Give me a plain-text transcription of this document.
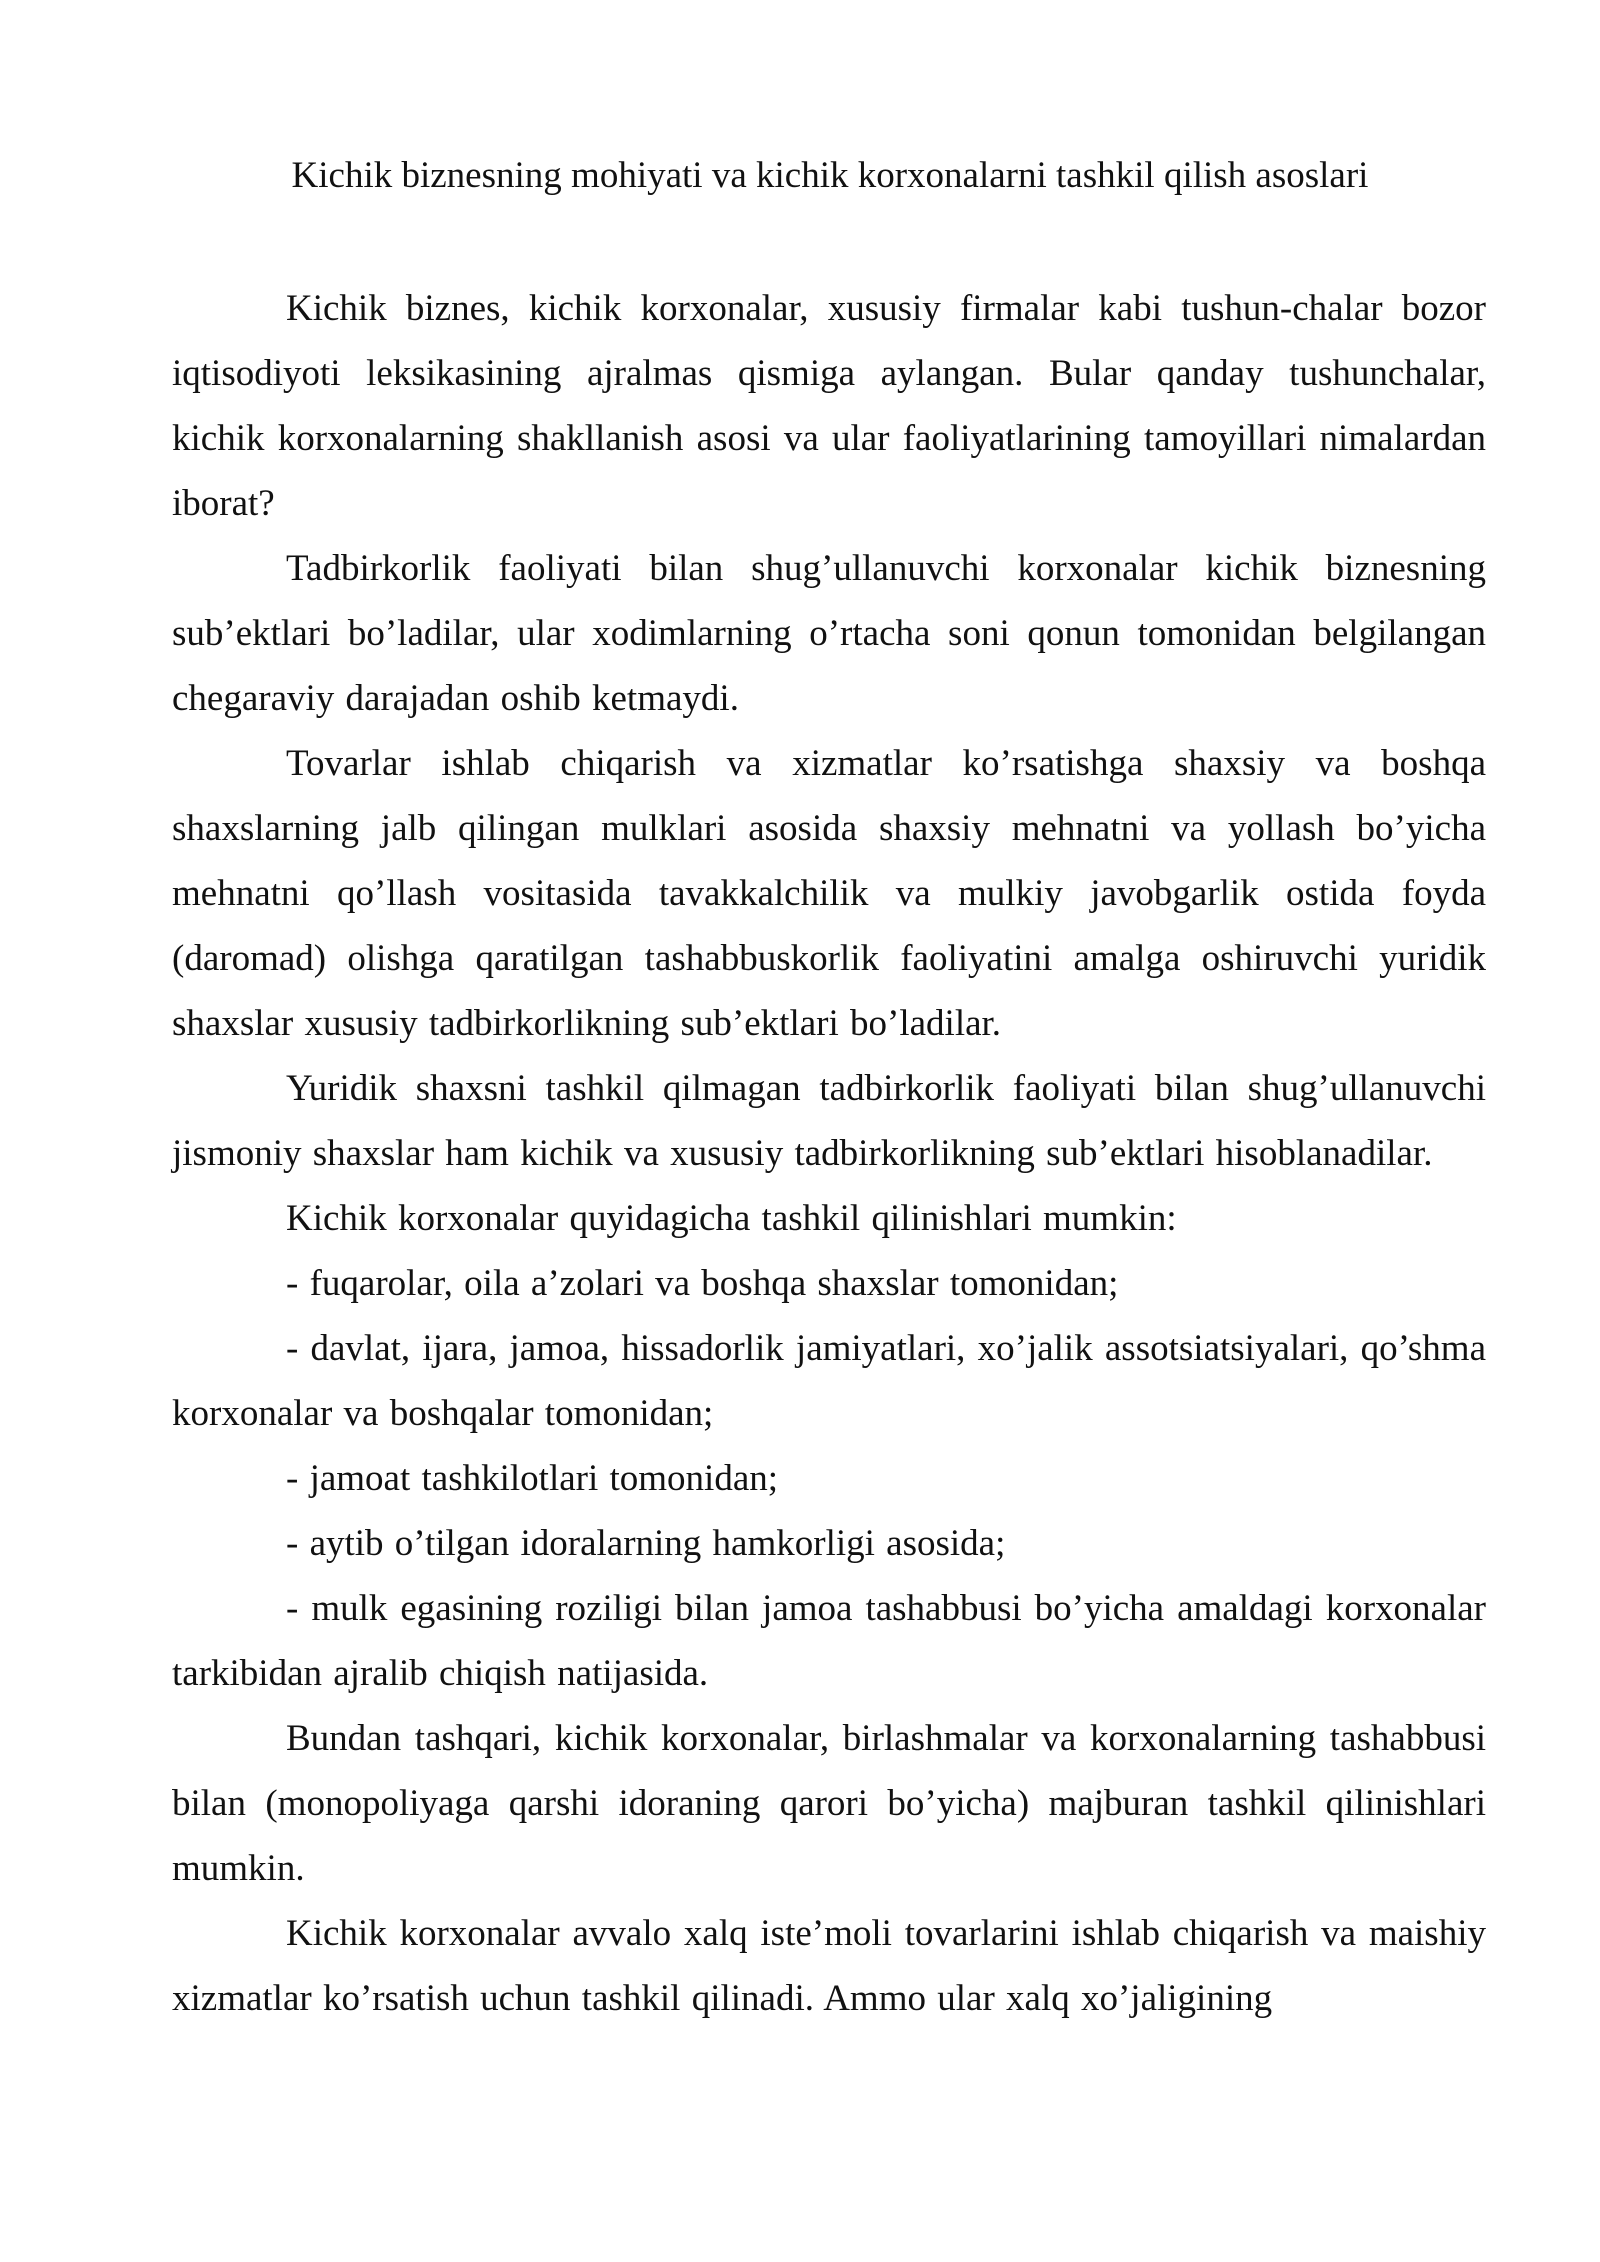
Kichik biznesning mohiyati va kichik korxonalarni tashkil qilish asoslari

Kichik biznes, kichik korxonalar, xususiy firmalar kabi tushun-chalar bozor iqtisodiyoti leksikasining ajralmas qismiga aylangan. Bular qanday tushunchalar, kichik korxonalarning shakllanish asosi va ular faoliyatlarining tamoyillari nimalardan iborat?

Tadbirkorlik faoliyati bilan shug’ullanuvchi korxonalar kichik biznesning sub’ektlari bo’ladilar, ular xodimlarning o’rtacha soni qonun tomonidan belgilangan chegaraviy darajadan oshib ketmaydi.

Tovarlar ishlab chiqarish va xizmatlar ko’rsatishga shaxsiy va boshqa shaxslarning jalb qilingan mulklari asosida shaxsiy mehnatni va yollash bo’yicha mehnatni qo’llash vositasida tavakkalchilik va mulkiy javobgarlik ostida foyda (daromad) olishga qaratilgan tashabbuskorlik faoliyatini amalga oshiruvchi yuridik shaxslar xususiy tadbirkorlikning sub’ektlari bo’ladilar.

Yuridik shaxsni tashkil qilmagan tadbirkorlik faoliyati bilan shug’ullanuvchi jismoniy shaxslar ham kichik va xususiy tadbirkorlikning sub’ektlari hisoblanadilar.

Kichik korxonalar quyidagicha tashkil qilinishlari mumkin:

- fuqarolar, oila a’zolari va boshqa shaxslar tomonidan;

- davlat, ijara, jamoa, hissadorlik jamiyatlari, xo’jalik assotsiatsiyalari, qo’shma korxonalar va boshqalar tomonidan;

- jamoat tashkilotlari tomonidan;

- aytib o’tilgan idoralarning hamkorligi asosida;

- mulk egasining roziligi bilan jamoa tashabbusi bo’yicha amaldagi korxonalar tarkibidan ajralib chiqish natijasida.

Bundan tashqari, kichik korxonalar, birlashmalar va korxonalarning tashabbusi bilan (monopoliyaga qarshi idoraning qarori bo’yicha) majburan tashkil qilinishlari mumkin.

Kichik korxonalar avvalo xalq iste’moli tovarlarini ishlab chiqarish va maishiy xizmatlar ko’rsatish uchun tashkil qilinadi. Ammo ular xalq xo’jaligining
